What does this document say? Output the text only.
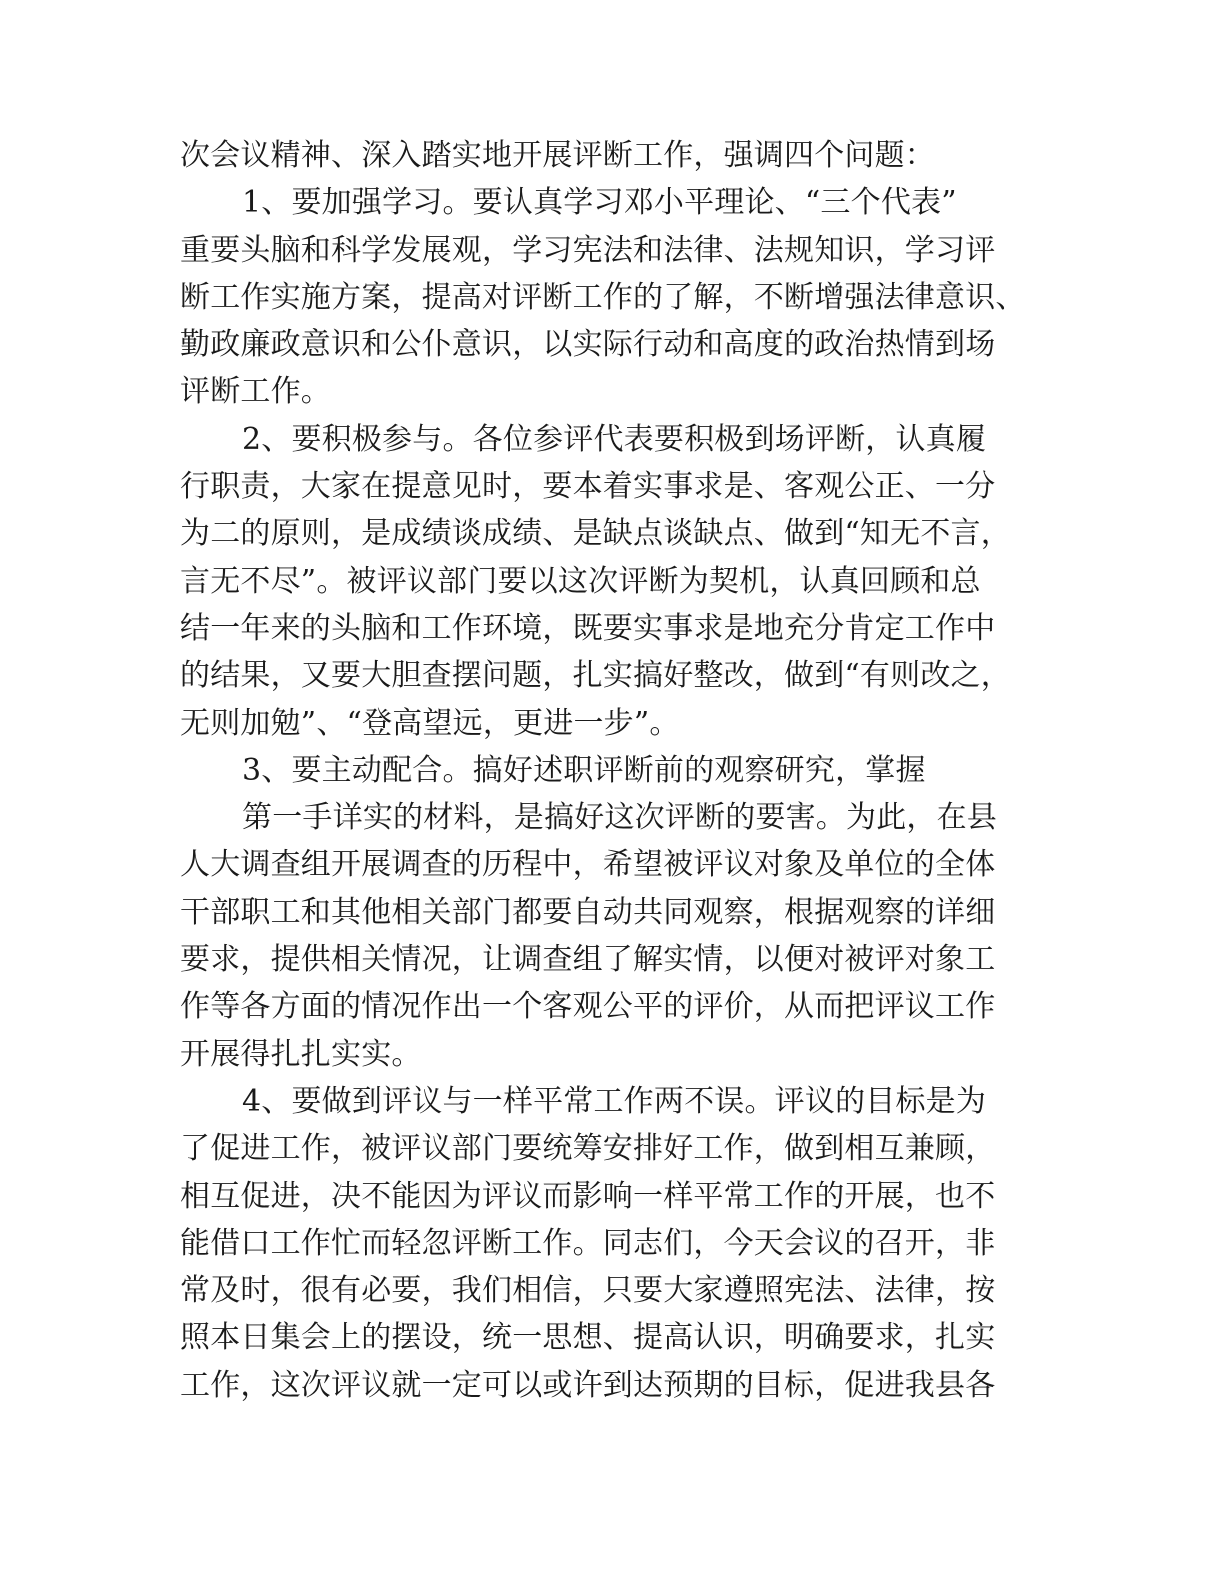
次会议精神、深入踏实地开展评断工作，强调四个问题：
1、要加强学习。要认真学习邓小平理论、“三个代表”
重要头脑和科学发展观，学习宪法和法律、法规知识，学习评
断工作实施方案，提高对评断工作的了解，不断增强法律意识、
勤政廉政意识和公仆意识，以实际行动和高度的政治热情到场
评断工作。
2、要积极参与。各位参评代表要积极到场评断，认真履
行职责，大家在提意见时，要本着实事求是、客观公正、一分
为二的原则，是成绩谈成绩、是缺点谈缺点、做到“知无不言，
言无不尽”。被评议部门要以这次评断为契机，认真回顾和总
结一年来的头脑和工作环境，既要实事求是地充分肯定工作中
的结果，又要大胆查摆问题，扎实搞好整改，做到“有则改之，
无则加勉”、“登高望远，更进一步”。
3、要主动配合。搞好述职评断前的观察研究，掌握
第一手详实的材料，是搞好这次评断的要害。为此，在县
人大调查组开展调查的历程中，希望被评议对象及单位的全体
干部职工和其他相关部门都要自动共同观察，根据观察的详细
要求，提供相关情况，让调查组了解实情，以便对被评对象工
作等各方面的情况作出一个客观公平的评价，从而把评议工作
开展得扎扎实实。
4、要做到评议与一样平常工作两不误。评议的目标是为
了促进工作，被评议部门要统筹安排好工作，做到相互兼顾，
相互促进，决不能因为评议而影响一样平常工作的开展，也不
能借口工作忙而轻忽评断工作。同志们，今天会议的召开，非
常及时，很有必要，我们相信，只要大家遵照宪法、法律，按
照本日集会上的摆设，统一思想、提高认识，明确要求，扎实
工作，这次评议就一定可以或许到达预期的目标，促进我县各
